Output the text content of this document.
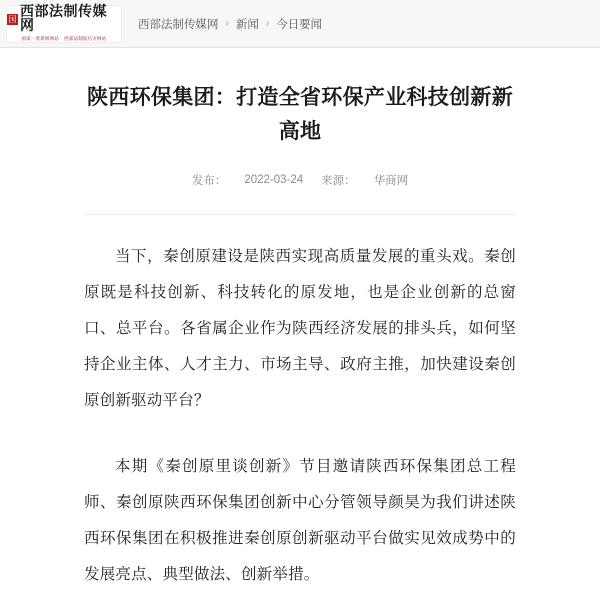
国 西部法制传媒网
国家一类新闻网站 西部法制报官方网站
西部法制传媒网 › 新闻 › 今日要闻
陕西环保集团：打造全省环保产业科技创新新高地
发布： 2022-03-24 来源： 华商网

当下，秦创原建设是陕西实现高质量发展的重头戏。秦创原既是科技创新、科技转化的原发地，也是企业创新的总窗口、总平台。各省属企业作为陕西经济发展的排头兵，如何坚持企业主体、人才主力、市场主导、政府主推，加快建设秦创原创新驱动平台？

本期《秦创原里谈创新》节目邀请陕西环保集团总工程师、秦创原陕西环保集团创新中心分管领导颜昊为我们讲述陕西环保集团在积极推进秦创原创新驱动平台做实见效成势中的发展亮点、典型做法、创新举措。
